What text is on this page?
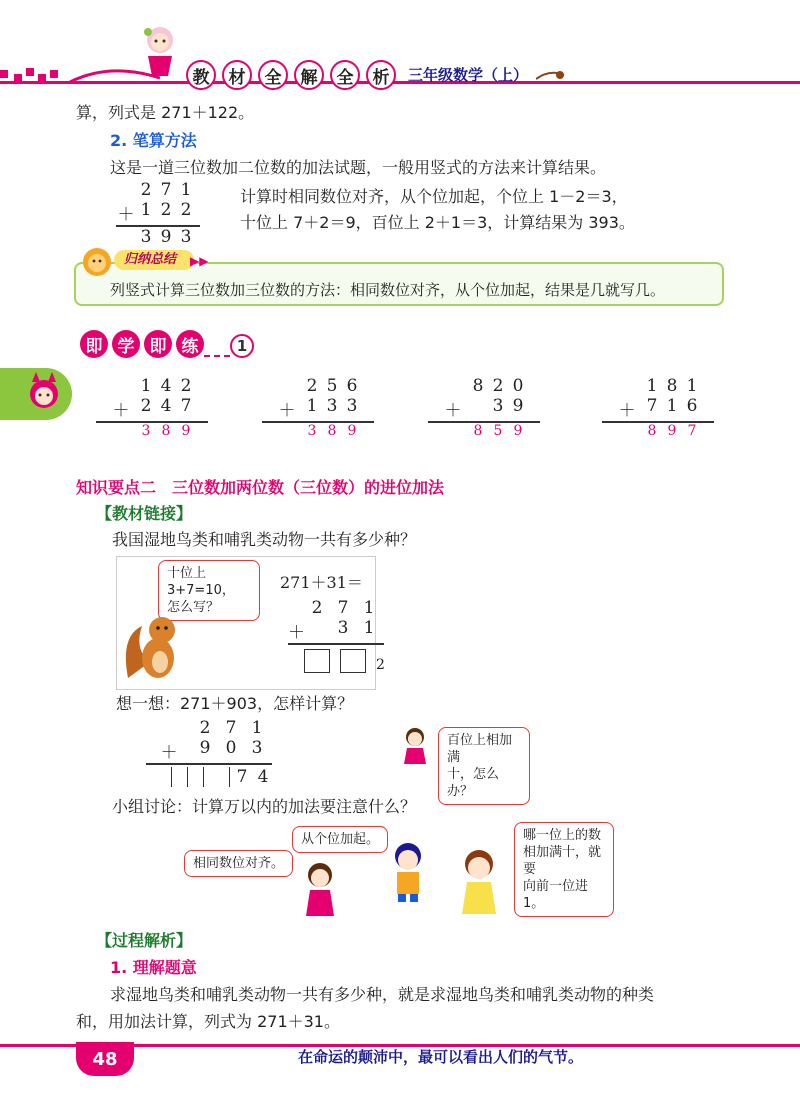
教	材	全	解	全	析	三年级数学（上）
算，列式是 271＋122。
2. 笔算方法
这是一道三位数加二位数的加法试题，一般用竖式的方法来计算结果。
2 7 1
＋ 1 2 2
3 9 3
计算时相同数位对齐，从个位加起，个位上 1－2＝3，
十位上 7＋2＝9，百位上 2＋1＝3，计算结果为 393。
归纳总结	▶▶
列竖式计算三位数加三位数的方法：相同数位对齐，从个位加起，结果是几就写几。
即 学 即 练	1
1 4 2
＋ 2 4 7
3 8 9
2 5 6
＋ 1 3 3
3 8 9
8 2 0
＋	3 9
8 5 9
1 8 1
＋ 7 1 6
8 9 7
知识要点二　三位数加两位数（三位数）的进位加法
【教材链接】
我国湿地鸟类和哺乳类动物一共有多少种？
十位上3+7=10，
怎么写？
271＋31＝
2 7 1
＋	3 1
2
想一想：271＋903，怎样计算？
2 7 1
＋	9 0 3
7 4
百位上相加满
十，怎么办？
小组讨论：计算万以内的加法要注意什么？
相同数位对齐。
从个位加起。	哪一位上的数
相加满十，就要
向前一位进1。
【过程解析】
1. 理解题意
求湿地鸟类和哺乳类动物一共有多少种，就是求湿地鸟类和哺乳类动物的种类
和，用加法计算，列式为 271＋31。
48	在命运的颠沛中，最可以看出人们的气节。
